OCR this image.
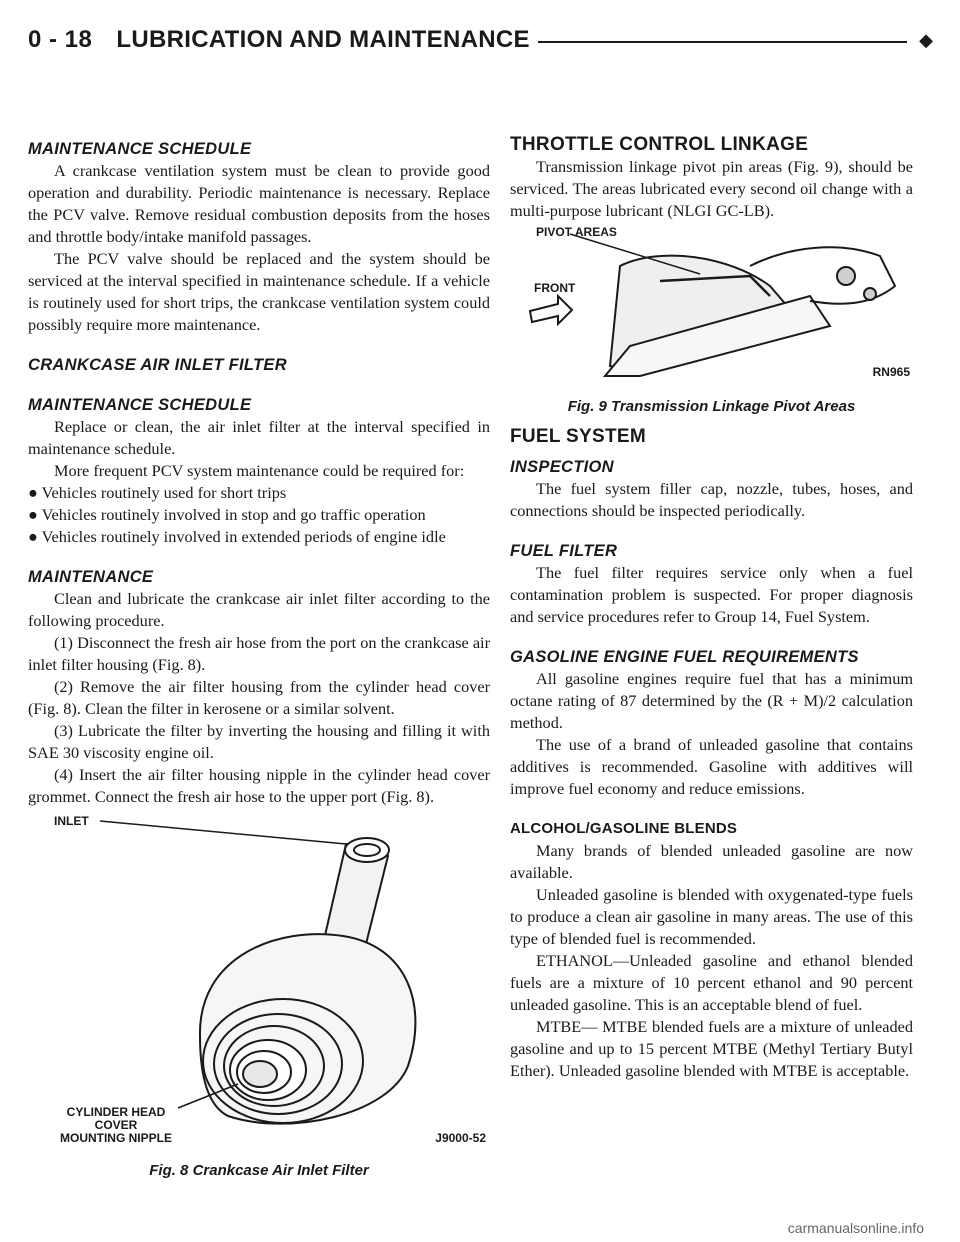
0 - 18 LUBRICATION AND MAINTENANCE	◆
MAINTENANCE SCHEDULE

A crankcase ventilation system must be clean to provide good operation and durability. Periodic maintenance is necessary. Replace the PCV valve. Remove residual combustion deposits from the hoses and throttle body/intake manifold passages.

The PCV valve should be replaced and the system should be serviced at the interval specified in maintenance schedule. If a vehicle is routinely used for short trips, the crankcase ventilation system could possibly require more maintenance.

CRANKCASE AIR INLET FILTER
MAINTENANCE SCHEDULE

Replace or clean, the air inlet filter at the interval specified in maintenance schedule.

More frequent PCV system maintenance could be required for:

● Vehicles routinely used for short trips

● Vehicles routinely involved in stop and go traffic operation

● Vehicles routinely involved in extended periods of engine idle

MAINTENANCE

Clean and lubricate the crankcase air inlet filter according to the following procedure.

(1) Disconnect the fresh air hose from the port on the crankcase air inlet filter housing (Fig. 8).

(2) Remove the air filter housing from the cylinder head cover (Fig. 8). Clean the filter in kerosene or a similar solvent.

(3) Lubricate the filter by inverting the housing and filling it with SAE 30 viscosity engine oil.

(4) Insert the air filter housing nipple in the cylinder head cover grommet. Connect the fresh air hose to the upper port (Fig. 8).

INLET
CYLINDER HEAD
COVER
MOUNTING NIPPLE	J9000-52
Fig. 8 Crankcase Air Inlet Filter
THROTTLE CONTROL LINKAGE

Transmission linkage pivot pin areas (Fig. 9), should be serviced. The areas lubricated every second oil change with a multi-purpose lubricant (NLGI GC-LB).

PIVOT AREAS
FRONT
RN965
Fig. 9 Transmission Linkage Pivot Areas
FUEL SYSTEM
INSPECTION

The fuel system filler cap, nozzle, tubes, hoses, and connections should be inspected periodically.

FUEL FILTER

The fuel filter requires service only when a fuel contamination problem is suspected. For proper diagnosis and service procedures refer to Group 14, Fuel System.

GASOLINE ENGINE FUEL REQUIREMENTS

All gasoline engines require fuel that has a minimum octane rating of 87 determined by the (R + M)/2 calculation method.

The use of a brand of unleaded gasoline that contains additives is recommended. Gasoline with additives will improve fuel economy and reduce emissions.

ALCOHOL/GASOLINE BLENDS

Many brands of blended unleaded gasoline are now available.

Unleaded gasoline is blended with oxygenated-type fuels to produce a clean air gasoline in many areas. The use of this type of blended fuel is recommended.

ETHANOL—Unleaded gasoline and ethanol blended fuels are a mixture of 10 percent ethanol and 90 percent unleaded gasoline. This is an acceptable blend of fuel.

MTBE— MTBE blended fuels are a mixture of unleaded gasoline and up to 15 percent MTBE (Methyl Tertiary Butyl Ether). Unleaded gasoline blended with MTBE is acceptable.

carmanualsonline.info
